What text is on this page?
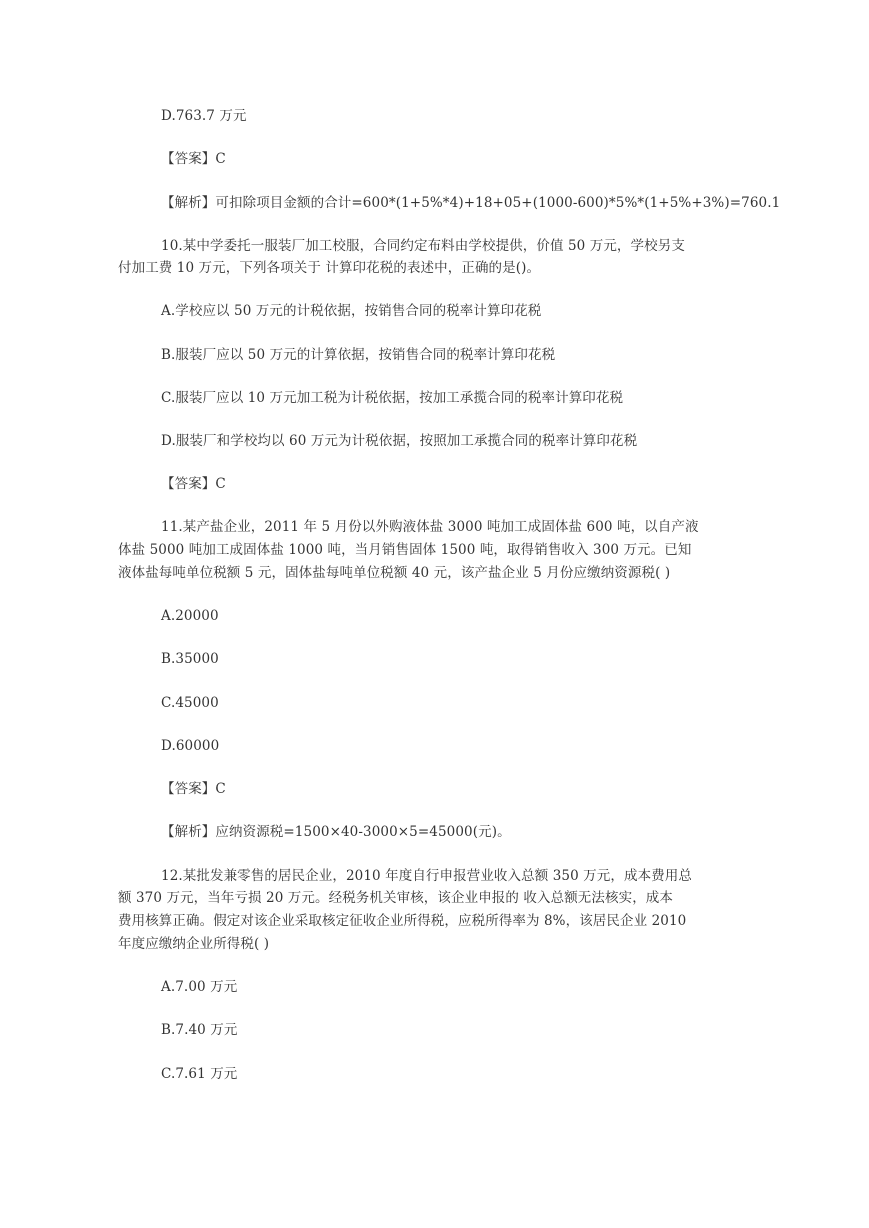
D.763.7 万元
【答案】C
【解析】可扣除项目金额的合计=600*(1+5%*4)+18+05+(1000-600)*5%*(1+5%+3%)=760.1
10.某中学委托一服装厂加工校服，合同约定布料由学校提供，价值 50 万元，学校另支
付加工费 10 万元，下列各项关于 计算印花税的表述中，正确的是()。
A.学校应以 50 万元的计税依据，按销售合同的税率计算印花税
B.服装厂应以 50 万元的计算依据，按销售合同的税率计算印花税
C.服装厂应以 10 万元加工税为计税依据，按加工承揽合同的税率计算印花税
D.服装厂和学校均以 60 万元为计税依据，按照加工承揽合同的税率计算印花税
【答案】C
11.某产盐企业，2011 年 5 月份以外购液体盐 3000 吨加工成固体盐 600 吨，以自产液
体盐 5000 吨加工成固体盐 1000 吨，当月销售固体 1500 吨，取得销售收入 300 万元。已知
液体盐每吨单位税额 5 元，固体盐每吨单位税额 40 元，该产盐企业 5 月份应缴纳资源税( )
A.20000
B.35000
C.45000
D.60000
【答案】C
【解析】应纳资源税=1500×40-3000×5=45000(元)。
12.某批发兼零售的居民企业，2010 年度自行申报营业收入总额 350 万元，成本费用总
额 370 万元，当年亏损 20 万元。经税务机关审核，该企业申报的 收入总额无法核实，成本
费用核算正确。假定对该企业采取核定征收企业所得税，应税所得率为 8%，该居民企业 2010
年度应缴纳企业所得税( )
A.7.00 万元
B.7.40 万元
C.7.61 万元
